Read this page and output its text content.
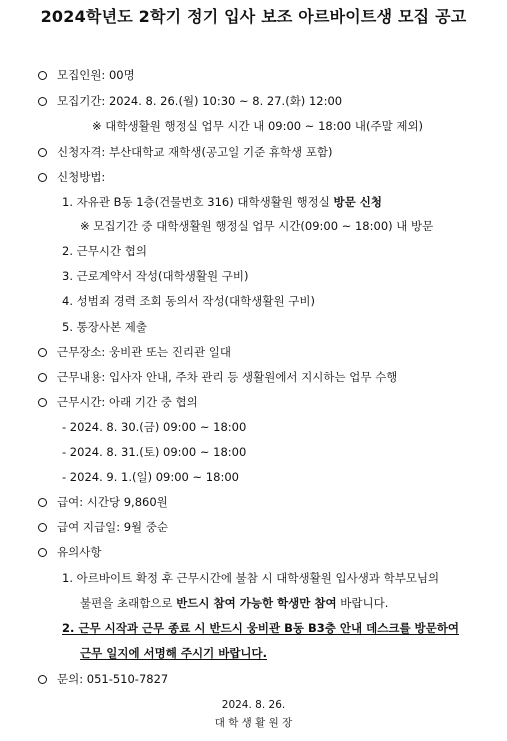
2024학년도 2학기 정기 입사 보조 아르바이트생 모집 공고
모집인원: 00명
모집기간: 2024. 8. 26.(월) 10:30 ~ 8. 27.(화) 12:00
※ 대학생활원 행정실 업무 시간 내 09:00 ~ 18:00 내(주말 제외)
신청자격: 부산대학교 재학생(공고일 기준 휴학생 포함)
신청방법:
1. 자유관 B동 1층(건물번호 316) 대학생활원 행정실 방문 신청
※ 모집기간 중 대학생활원 행정실 업무 시간(09:00 ~ 18:00) 내 방문
2. 근무시간 협의
3. 근로계약서 작성(대학생활원 구비)
4. 성범죄 경력 조회 동의서 작성(대학생활원 구비)
5. 통장사본 제출
근무장소: 웅비관 또는 진리관 일대
근무내용: 입사자 안내, 주차 관리 등 생활원에서 지시하는 업무 수행
근무시간: 아래 기간 중 협의
- 2024. 8. 30.(금) 09:00 ~ 18:00
- 2024. 8. 31.(토) 09:00 ~ 18:00
- 2024. 9. 1.(일) 09:00 ~ 18:00
급여: 시간당 9,860원
급여 지급일: 9월 중순
유의사항
1. 아르바이트 확정 후 근무시간에 불참 시 대학생활원 입사생과 학부모님의
불편을 초래함으로 반드시 참여 가능한 학생만 참여 바랍니다.
2. 근무 시작과 근무 종료 시 반드시 웅비관 B동 B3층 안내 데스크를 방문하여
근무 일지에 서명해 주시기 바랍니다.
문의: 051-510-7827
2024. 8. 26.
대 학 생 활 원 장
